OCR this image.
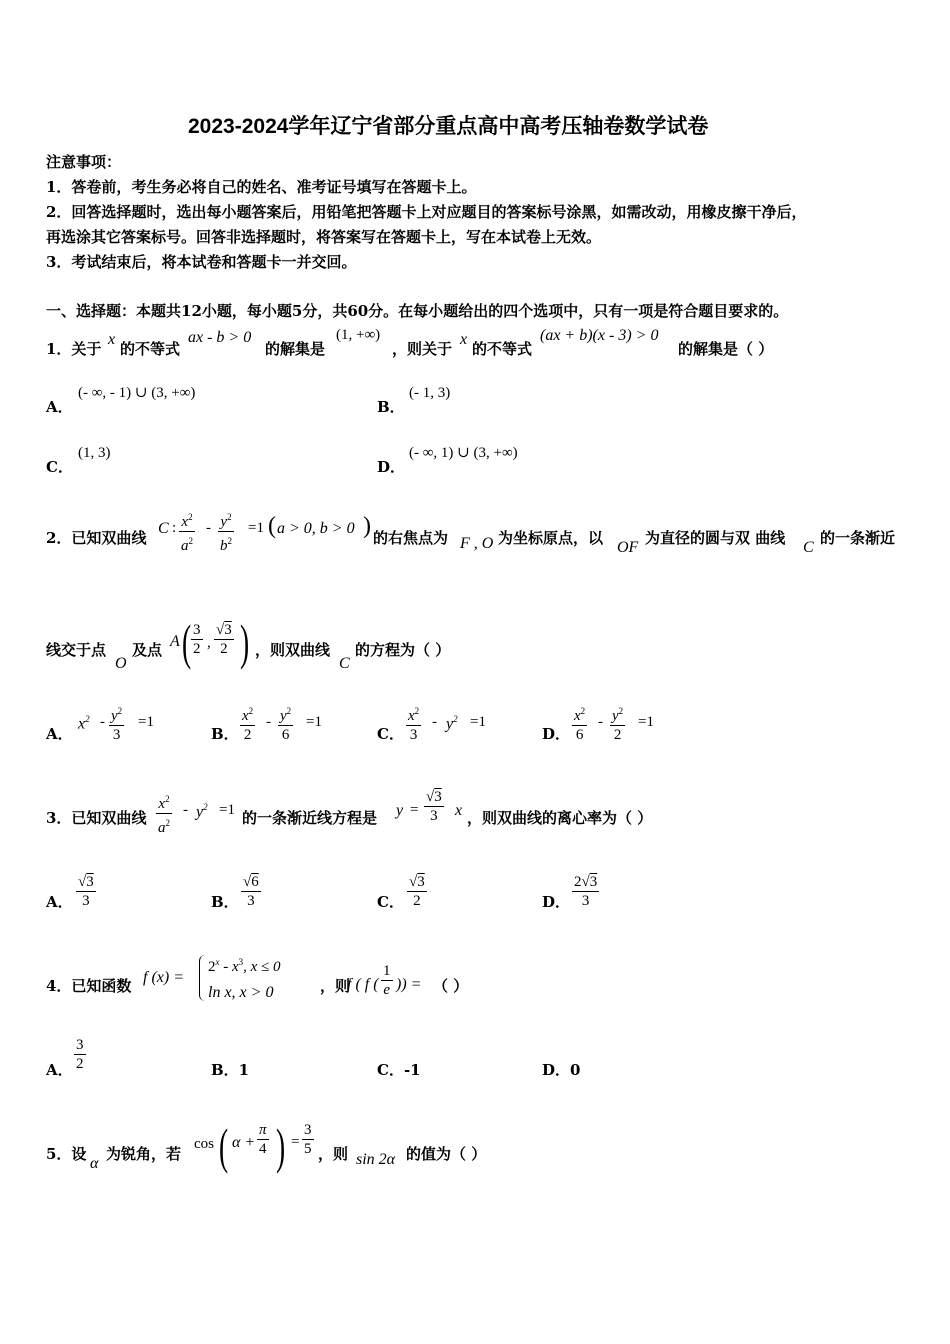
2023-2024学年辽宁省部分重点高中高考压轴卷数学试卷
注意事项：
1．答卷前，考生务必将自己的姓名、准考证号填写在答题卡上。
2．回答选择题时，选出每小题答案后，用铅笔把答题卡上对应题目的答案标号涂黑，如需改动，用橡皮擦干净后，
再选涂其它答案标号。回答非选择题时，将答案写在答题卡上，写在本试卷上无效。
3．考试结束后，将本试卷和答题卡一并交回。
一、选择题：本题共12小题，每小题5分，共60分。在每小题给出的四个选项中，只有一项是符合题目要求的。
1．关于
x
的不等式
ax - b > 0
的解集是
(1, +∞)
，则关于
x
的不等式
(ax + b)(x - 3) > 0
的解集是（ ）
A．
(- ∞, - 1) ∪ (3, +∞)
B．
(- 1, 3)
C．
(1, 3)
D．
(- ∞, 1) ∪ (3, +∞)
2．已知双曲线
C : $\frac{x^2}{a^2} - \frac{y^2}{b^2} =1$ ( a > 0, b > 0 ) 的右焦点为 F , O 为坐标原点，以
OF
为直径的圆与双 曲线
C
的一条渐近
线交于点
O
及点 A ( $\frac{3}{2}$ , $\frac{√3}{2}$ ) ，则双曲线
C
的方程为（ ）
A．
$x^2 - \frac{y^2}{3} =1$
B． $\frac{x^2}{2} - \frac{y^2}{6} =1$
C． $\frac{x^2}{3} - y^2 =1$
D． $\frac{x^2}{6} - \frac{y^2}{2} =1$
3．已知双曲线 $\frac{x^2}{a^2} - y^2 =1$ 的一条渐近线方程是 $y = \frac{√3}{3}$ x ，则双曲线的离心率为（ ）
A． $\frac{√3}{3}$	B． $\frac{√6}{3}$	C． $\frac{√3}{2}$	D． $\frac{2√3}{3}$
4．已知函数 f (x) =
$2^x - x^3$, x ≤ 0
ln x, x > 0	，则
f ( f ( $\frac{1}{e}$ )) = （ ）
A． $\frac{3}{2}$	B．1	C．-1	D．0
5．设
α
为锐角，若
cos ( $\alpha + \frac{\pi}{4}$ ) = $\frac{3}{5}$ ，则 sin 2α 的值为（ ）
